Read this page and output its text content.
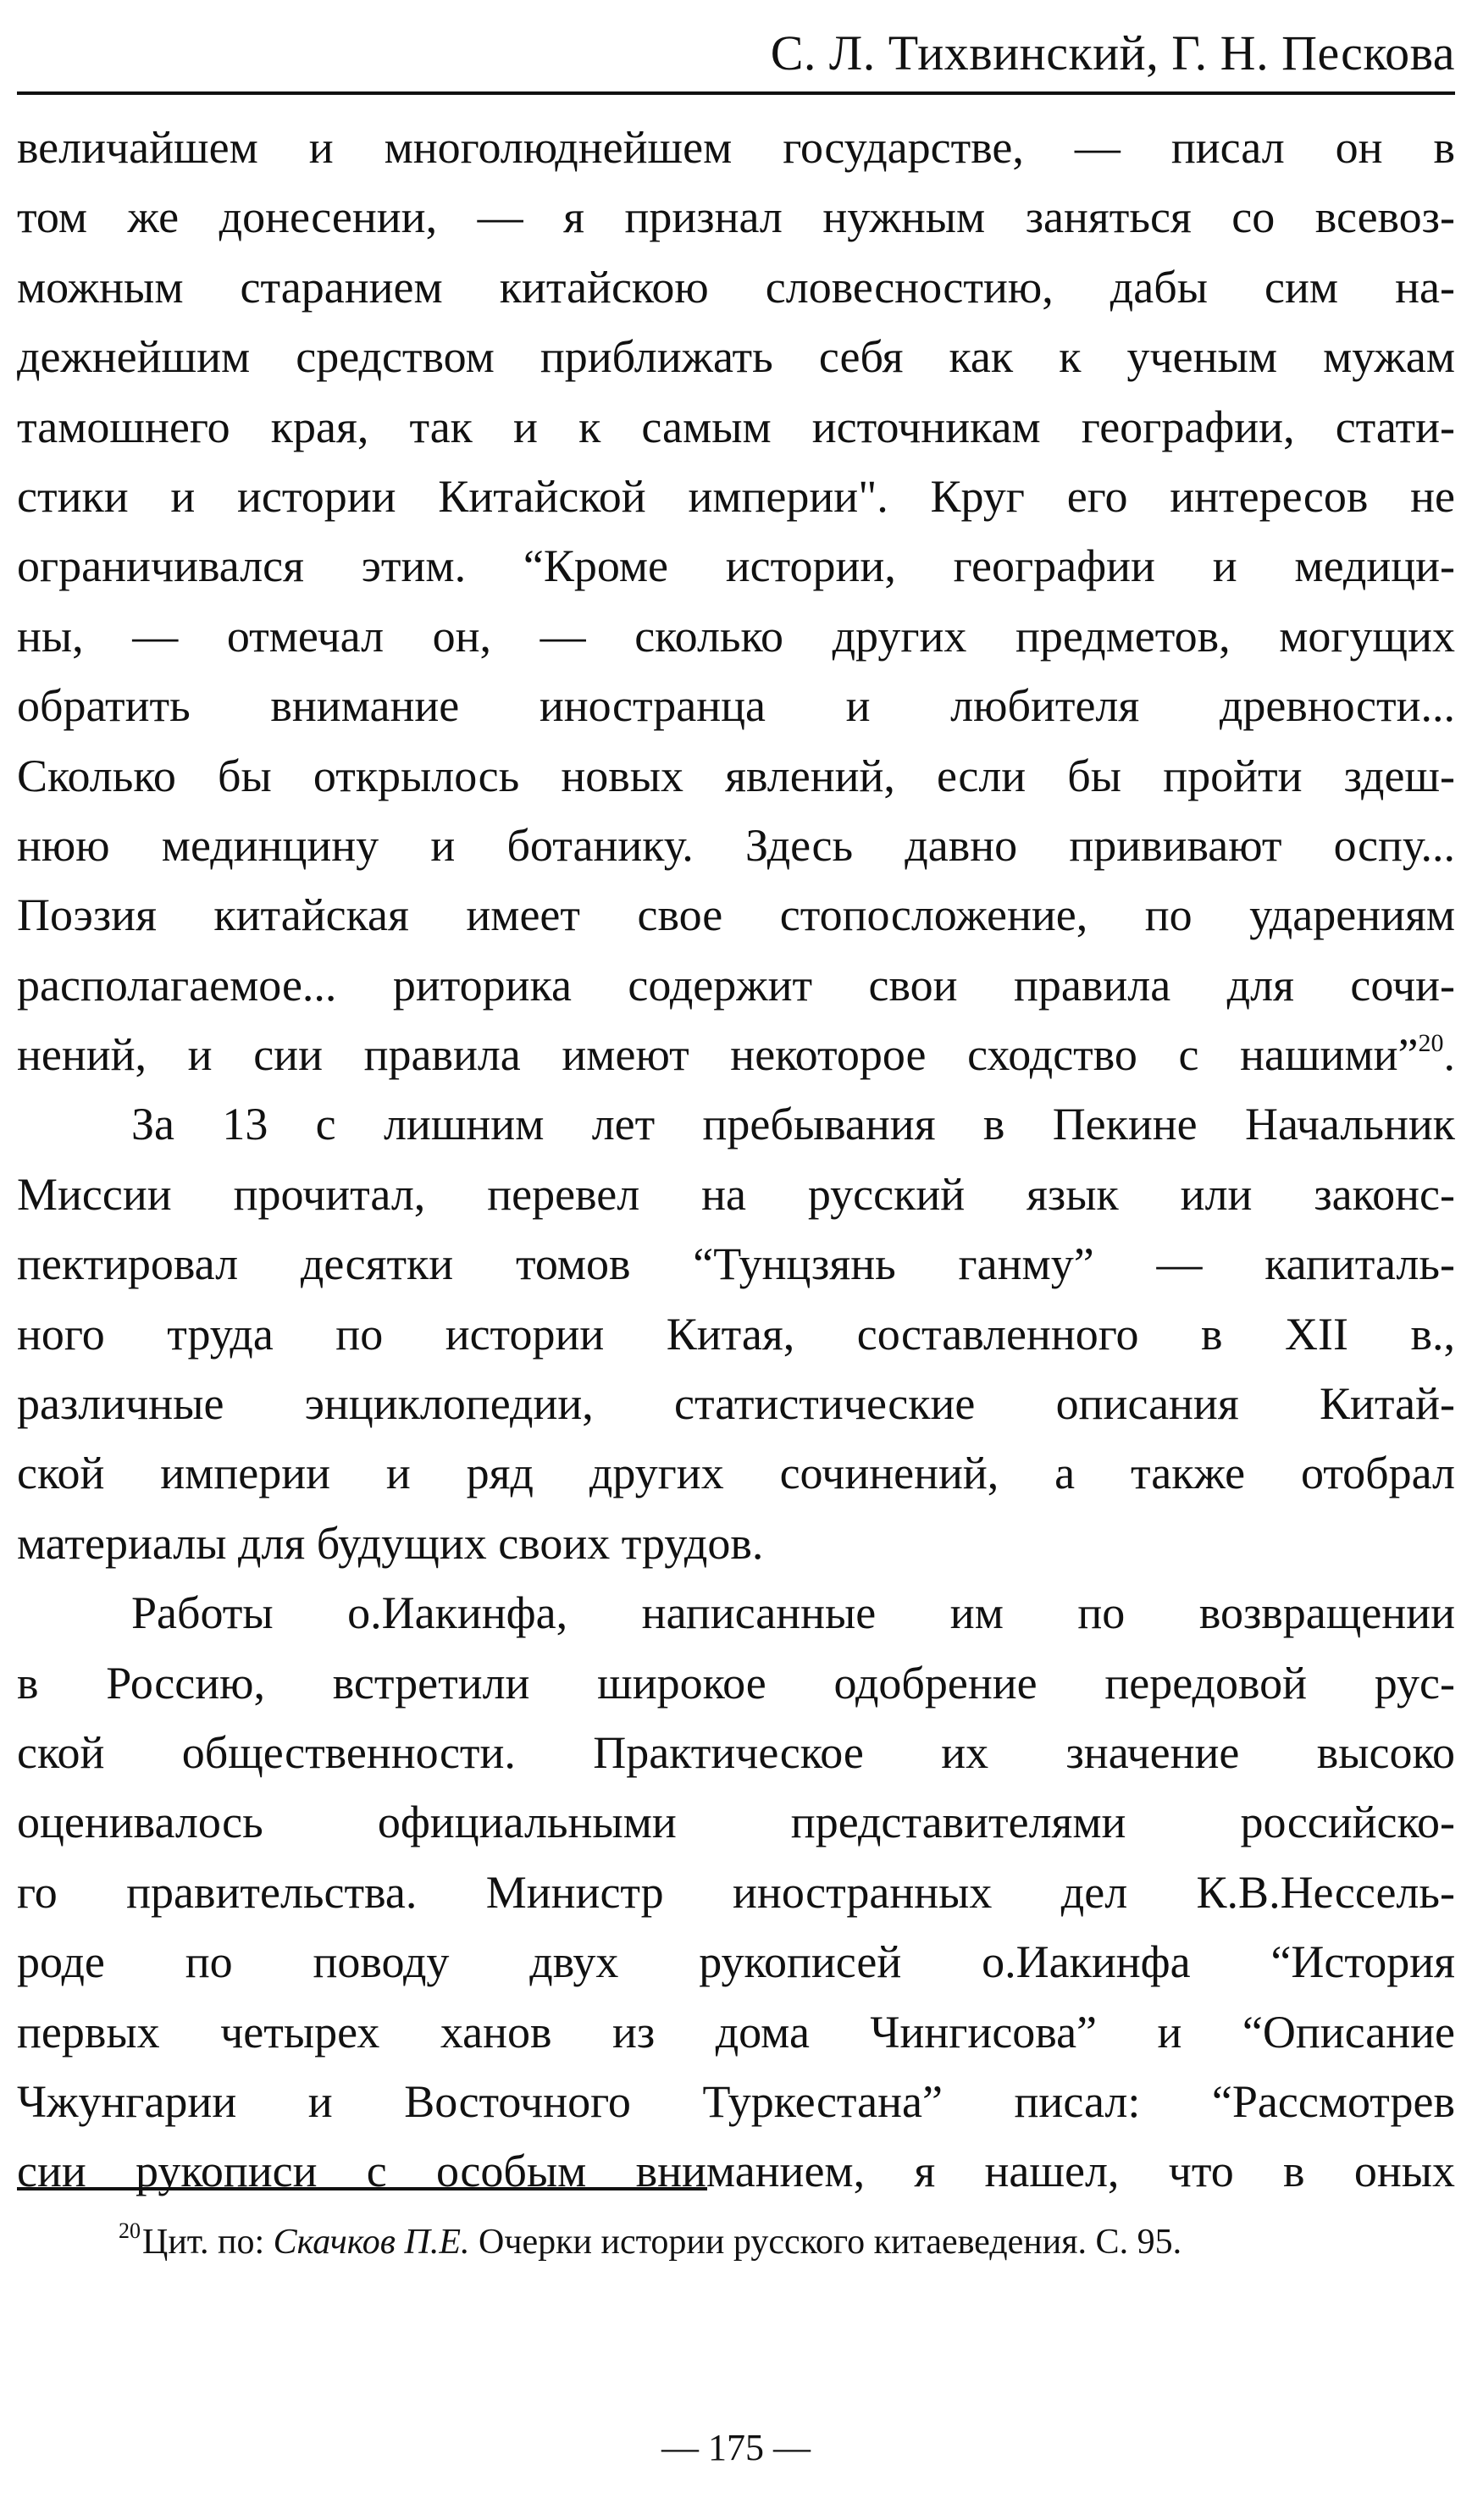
С. Л. Тихвинский, Г. Н. Пескова
величайшем и многолюднейшем государстве, — писал он в
том же донесении, — я признал нужным заняться со всевоз-
можным старанием китайскою словесностию, дабы сим на-
дежнейшим средством приближать себя как к ученым мужам
тамошнего края, так и к самым источникам географии, стати-
стики и истории Китайской империи". Круг его интересов не
ограничивался этим. “Кроме истории, географии и медици-
ны, — отмечал он, — сколько других предметов, могущих
обратить внимание иностранца и любителя древности...
Сколько бы открылось новых явлений, если бы пройти здеш-
нюю мединцину и ботанику. Здесь давно прививают оспу...
Поэзия китайская имеет свое стопосложение, по ударениям
располагаемое... риторика содержит свои правила для сочи-
нений, и сии правила имеют некоторое сходство с нашими”$^{20}$.
За 13 с лишним лет пребывания в Пекине Начальник
Миссии прочитал, перевел на русский язык или законс-
пектировал десятки томов “Тунцзянь ганму” — капиталь-
ного труда по истории Китая, составленного в XII в.,
различные энциклопедии, статистические описания Китай-
ской империи и ряд других сочинений, а также отобрал
материалы для будущих своих трудов.
Работы о.Иакинфа, написанные им по возвращении
в Россию, встретили широкое одобрение передовой рус-
ской общественности. Практическое их значение высоко
оценивалось официальными представителями российско-
го правительства. Министр иностранных дел К.В.Нессель-
роде по поводу двух рукописей о.Иакинфа “История
первых четырех ханов из дома Чингисова” и “Описание
Чжунгарии и Восточного Туркестана” писал: “Рассмотрев
сии рукописи с особым вниманием, я нашел, что в оных
$^{20}$Цит. по: Скачков П.Е. Очерки истории русского китаеведения. С. 95.
— 175 —
